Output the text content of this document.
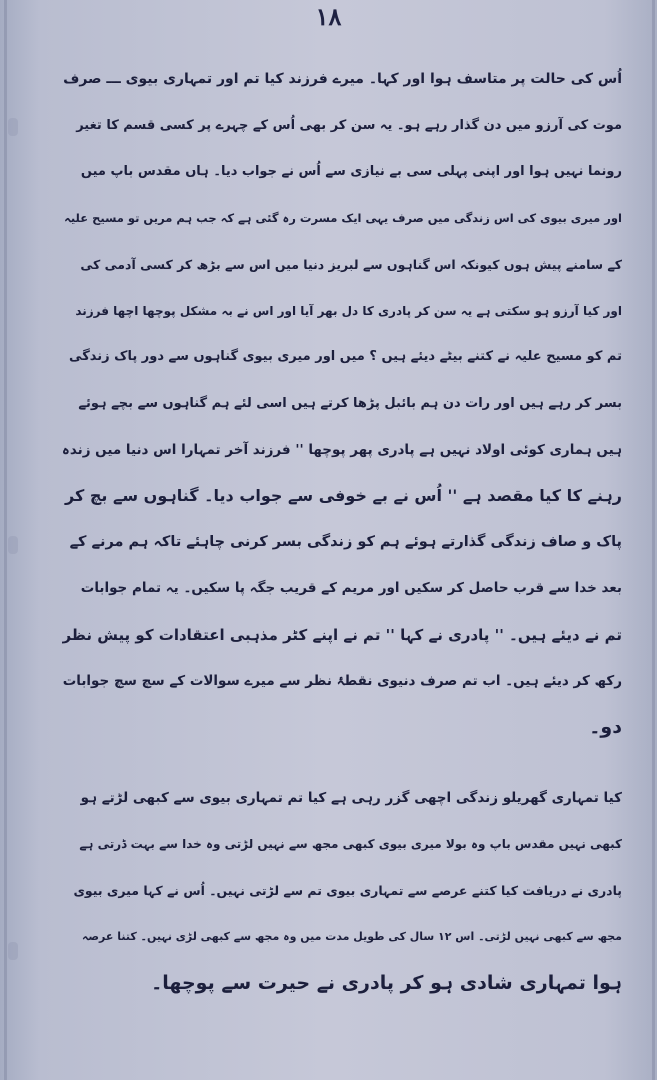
۱۸
اُس کی حالت پر متاسف ہوا اور کہا۔ میرے فرزند کیا تم اور تمہاری بیوی ـــ صرف
موت کی آرزو میں دن گذار رہے ہو۔ یہ سن کر بھی اُس کے چہرے پر کسی قسم کا تغیر
رونما نہیں ہوا اور اپنی پہلی سی بے نیازی سے اُس نے جواب دیا۔ ہاں مقدس باپ میں
اور میری بیوی کی اس زندگی میں صرف یہی ایک مسرت رہ گئی ہے کہ جب ہم مریں تو مسیح علیہ
کے سامنے پیش ہوں کیونکہ اس گناہوں سے لبریز دنیا میں اس سے بڑھ کر کسی آدمی کی
اور کیا آرزو ہو سکتی ہے یہ سن کر پادری کا دل بھر آیا اور اس نے بہ مشکل پوچھا اچھا فرزند
تم کو مسیح علیہ نے کتنے بیٹے دیئے ہیں ؟ میں اور میری بیوی گناہوں سے دور پاک زندگی
بسر کر رہے ہیں اور رات دن ہم بائبل پڑھا کرتے ہیں اسی لئے ہم گناہوں سے بچے ہوئے
ہیں ہماری کوئی اولاد نہیں ہے پادری پھر پوچھا '' فرزند آخر تمہارا اس دنیا میں زندہ
رہنے کا کیا مقصد ہے '' اُس نے بے خوفی سے جواب دیا۔ گناہوں سے بچ کر
پاک و صاف زندگی گذارتے ہوئے ہم کو زندگی بسر کرنی چاہئے تاکہ ہم مرنے کے
بعد خدا سے قرب حاصل کر سکیں اور مریم کے قریب جگہ پا سکیں۔ یہ تمام جوابات
تم نے دیئے ہیں۔ '' پادری نے کہا '' تم نے اپنے کٹر مذہبی اعتقادات کو پیش نظر
رکھ کر دیئے ہیں۔ اب تم صرف دنیوی نقطۂ نظر سے میرے سوالات کے سچ سچ جوابات
دو۔
کیا تمہاری گھریلو زندگی اچھی گزر رہی ہے کیا تم تمہاری بیوی سے کبھی لڑتے ہو
کبھی نہیں مقدس باپ وہ بولا میری بیوی کبھی مجھ سے نہیں لڑتی وہ خدا سے بہت ڈرتی ہے
پادری نے دریافت کیا کتنے عرصے سے تمہاری بیوی تم سے لڑتی نہیں۔ اُس نے کہا میری بیوی
مجھ سے کبھی نہیں لڑتی۔ اس ۱۲ سال کی طویل مدت میں وہ مجھ سے کبھی لڑی نہیں۔ کتنا عرصہ
ہوا تمہاری شادی ہو کر پادری نے حیرت سے پوچھا۔
